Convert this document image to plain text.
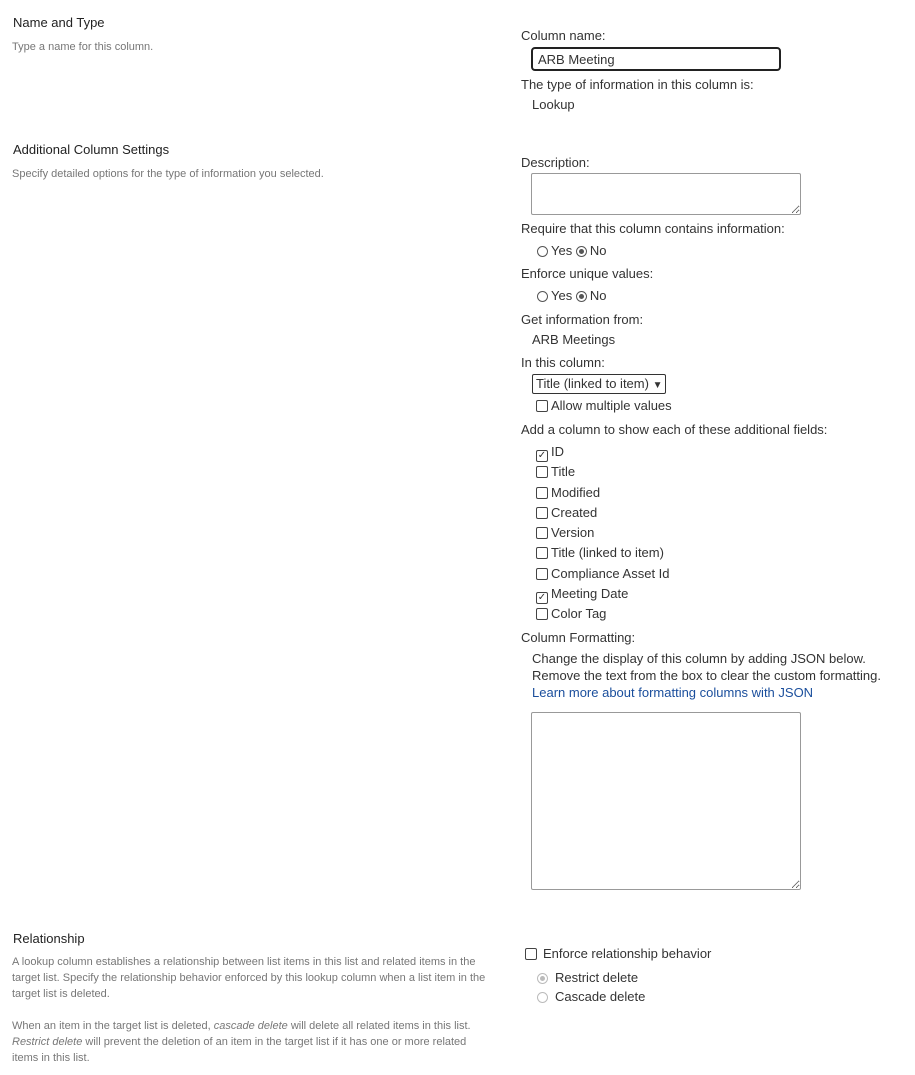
Name and Type
Type a name for this column.
Column name:
ARB Meeting
The type of information in this column is:
Lookup
Additional Column Settings
Specify detailed options for the type of information you selected.
Description:
Require that this column contains information:
Yes No
Enforce unique values:
Yes No
Get information from:
ARB Meetings
In this column:
Title (linked to item) ▼
Allow multiple values
Add a column to show each of these additional fields:
✓ ID
Title
Modified
Created
Version
Title (linked to item)
Compliance Asset Id
✓ Meeting Date
Color Tag
Column Formatting:
Change the display of this column by adding JSON below.
Remove the text from the box to clear the custom formatting.
Learn more about formatting columns with JSON
Relationship
A lookup column establishes a relationship between list items in this list and related items in the target list. Specify the relationship behavior enforced by this lookup column when a list item in the target list is deleted.
When an item in the target list is deleted, cascade delete will delete all related items in this list. Restrict delete will prevent the deletion of an item in the target list if it has one or more related items in this list.
Enforce relationship behavior
Restrict delete
Cascade delete
